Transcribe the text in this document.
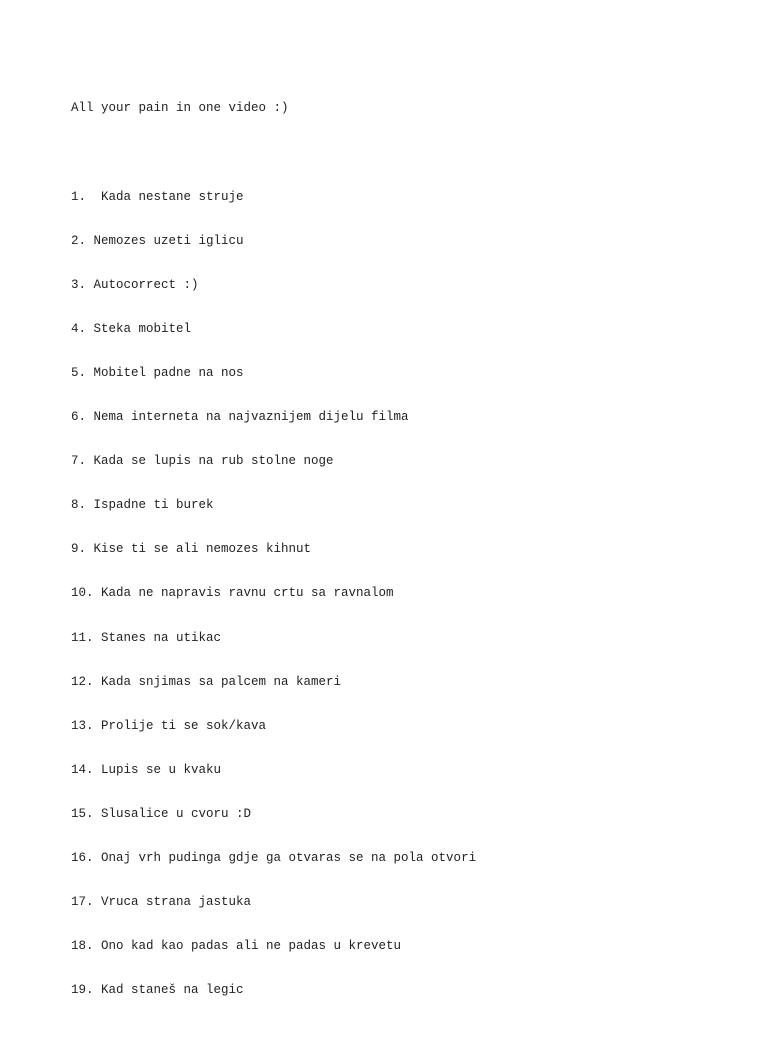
All your pain in one video :)

1.  Kada nestane struje

2. Nemozes uzeti iglicu

3. Autocorrect :)

4. Steka mobitel

5. Mobitel padne na nos

6. Nema interneta na najvaznijem dijelu filma

7. Kada se lupis na rub stolne noge

8. Ispadne ti burek

9. Kise ti se ali nemozes kihnut

10. Kada ne napravis ravnu crtu sa ravnalom

11. Stanes na utikac

12. Kada snjimas sa palcem na kameri

13. Prolije ti se sok/kava

14. Lupis se u kvaku

15. Slusalice u cvoru :D

16. Onaj vrh pudinga gdje ga otvaras se na pola otvori

17. Vruca strana jastuka

18. Ono kad kao padas ali ne padas u krevetu

19. Kad staneš na legic
